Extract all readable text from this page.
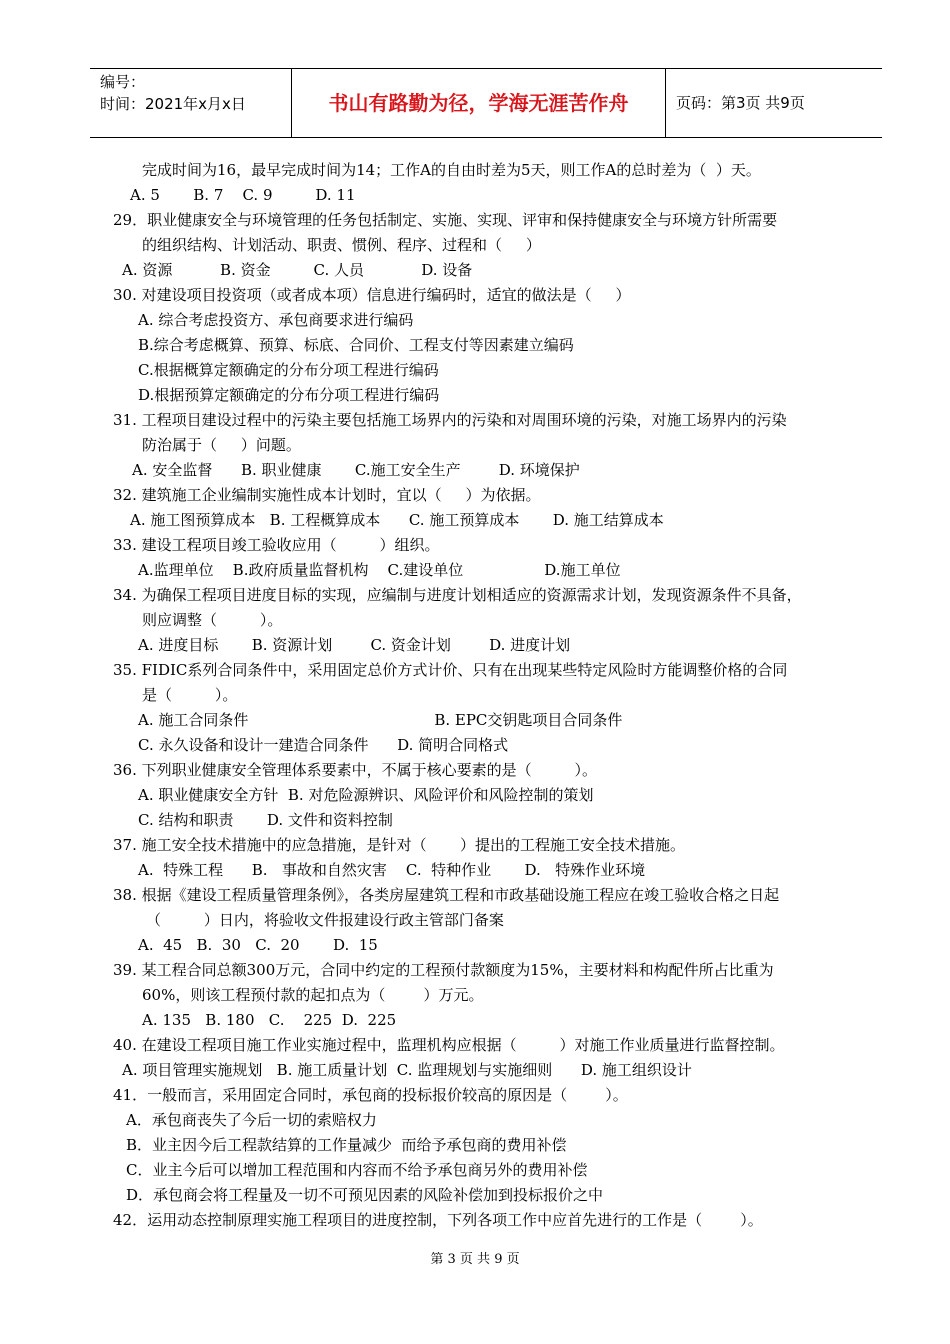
编号：
时间：2021年x月x日	书山有路勤为径，学海无涯苦作舟	页码：第3页 共9页
完成时间为16，最早完成时间为14；工作A的自由时差为5天，则工作A的总时差为（  ）天。
A. 5       B. 7    C. 9         D. 11
29．职业健康安全与环境管理的任务包括制定、实施、实现、评审和保持健康安全与环境方针所需要
的组织结构、计划活动、职责、惯例、程序、过程和（     ）
A. 资源          B. 资金         C. 人员            D. 设备
30. 对建设项目投资项（或者成本项）信息进行编码时，适宜的做法是（     ）
A. 综合考虑投资方、承包商要求进行编码
B.综合考虑概算、预算、标底、合同价、工程支付等因素建立编码
C.根据概算定额确定的分布分项工程进行编码
D.根据预算定额确定的分布分项工程进行编码
31. 工程项目建设过程中的污染主要包括施工场界内的污染和对周围环境的污染，对施工场界内的污染
防治属于（     ）问题。
A. 安全监督      B. 职业健康       C.施工安全生产        D. 环境保护
32. 建筑施工企业编制实施性成本计划时，宜以（     ）为依据。
A. 施工图预算成本   B. 工程概算成本      C. 施工预算成本       D. 施工结算成本
33. 建设工程项目竣工验收应用（         ）组织。
A.监理单位    B.政府质量监督机构    C.建设单位                 D.施工单位
34. 为确保工程项目进度目标的实现，应编制与进度计划相适应的资源需求计划，发现资源条件不具备，
则应调整（         ）。
A. 进度目标       B. 资源计划        C. 资金计划        D. 进度计划
35. FIDIC系列合同条件中，采用固定总价方式计价、只有在出现某些特定风险时方能调整价格的合同
是（         ）。
A. 施工合同条件                                       B. EPC交钥匙项目合同条件
C. 永久设备和设计一建造合同条件      D. 简明合同格式
36. 下列职业健康安全管理体系要素中，不属于核心要素的是（         ）。
A. 职业健康安全方针  B. 对危险源辨识、风险评价和风险控制的策划
C. 结构和职责       D. 文件和资料控制
37. 施工安全技术措施中的应急措施，是针对（       ）提出的工程施工安全技术措施。
A.  特殊工程      B.   事故和自然灾害    C.  特种作业       D.   特殊作业环境
38. 根据《建设工程质量管理条例》，各类房屋建筑工程和市政基础设施工程应在竣工验收合格之日起
（         ）日内，将验收文件报建设行政主管部门备案
A.  45   B.  30   C.  20       D.  15
39. 某工程合同总额300万元，合同中约定的工程预付款额度为15%，主要材料和构配件所占比重为
60%，则该工程预付款的起扣点为（        ）万元。
A. 135   B. 180   C.    225  D.  225
40. 在建设工程项目施工作业实施过程中，监理机构应根据（         ）对施工作业质量进行监督控制。
A. 项目管理实施规划   B. 施工质量计划  C. 监理规划与实施细则      D. 施工组织设计
41．一般而言，采用固定合同时，承包商的投标报价较高的原因是（        ）。
A．承包商丧失了今后一切的索赔权力
B．业主因今后工程款结算的工作量减少  而给予承包商的费用补偿
C．业主今后可以增加工程范围和内容而不给予承包商另外的费用补偿
D．承包商会将工程量及一切不可预见因素的风险补偿加到投标报价之中
42．运用动态控制原理实施工程项目的进度控制，下列各项工作中应首先进行的工作是（        ）。
第 3 页 共 9 页
